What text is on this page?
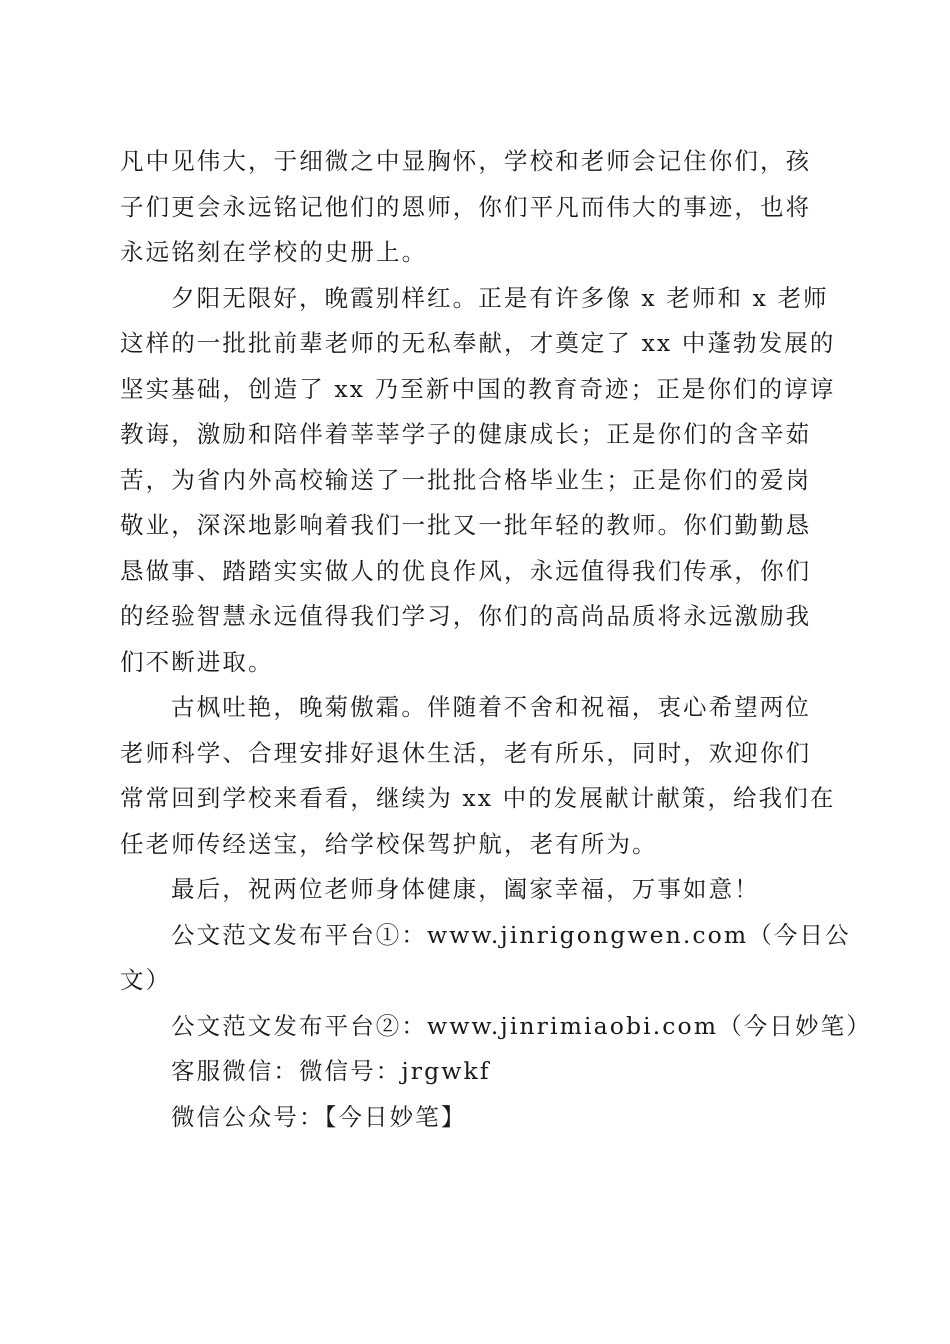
凡中见伟大，于细微之中显胸怀，学校和老师会记住你们，孩
子们更会永远铭记他们的恩师，你们平凡而伟大的事迹，也将
永远铭刻在学校的史册上。

夕阳无限好，晚霞别样红。正是有许多像 x 老师和 x 老师
这样的一批批前辈老师的无私奉献，才奠定了 xx 中蓬勃发展的
坚实基础，创造了 xx 乃至新中国的教育奇迹；正是你们的谆谆
教诲，激励和陪伴着莘莘学子的健康成长；正是你们的含辛茹
苦，为省内外高校输送了一批批合格毕业生；正是你们的爱岗
敬业，深深地影响着我们一批又一批年轻的教师。你们勤勤恳
恳做事、踏踏实实做人的优良作风，永远值得我们传承，你们
的经验智慧永远值得我们学习，你们的高尚品质将永远激励我
们不断进取。

古枫吐艳，晚菊傲霜。伴随着不舍和祝福，衷心希望两位
老师科学、合理安排好退休生活，老有所乐，同时，欢迎你们
常常回到学校来看看，继续为 xx 中的发展献计献策，给我们在
任老师传经送宝，给学校保驾护航，老有所为。

最后，祝两位老师身体健康，阖家幸福，万事如意！

公文范文发布平台①：www.jinrigongwen.com（今日公
文）

公文范文发布平台②：www.jinrimiaobi.com（今日妙笔）

客服微信：微信号：jrgwkf

微信公众号：【今日妙笔】
